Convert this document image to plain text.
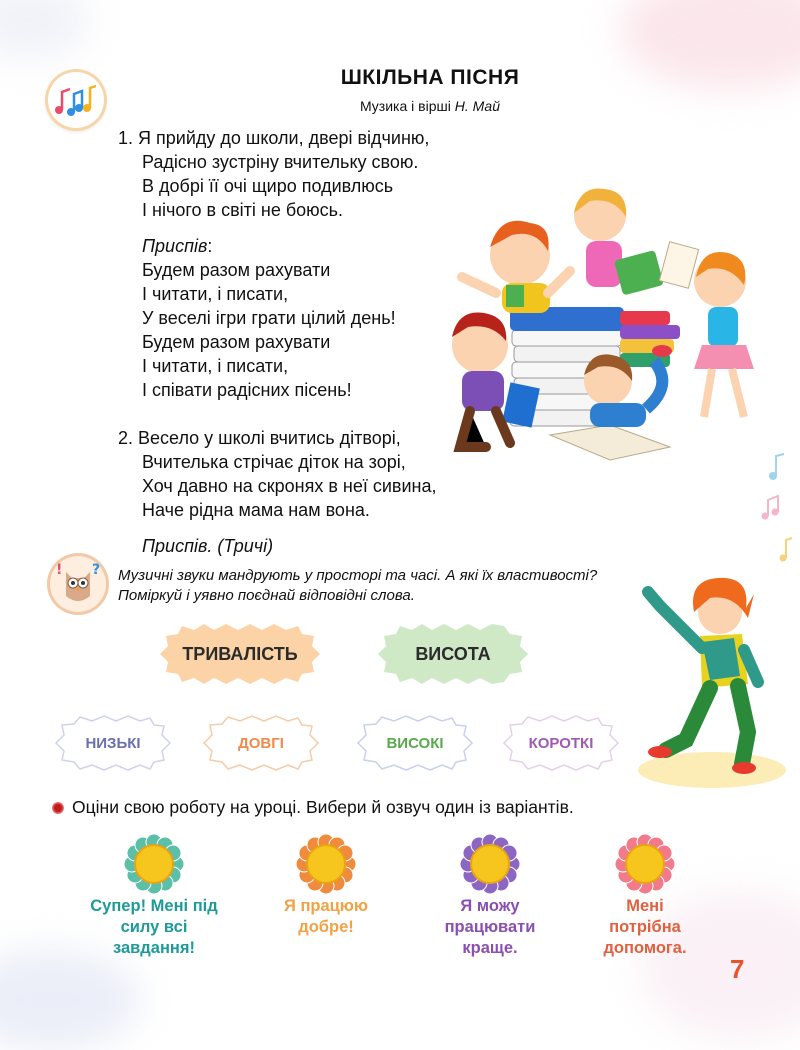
ШКІЛЬНА ПІСНЯ
Музика і вірші Н. Май
1. Я прийду до школи, двері відчиню,
Радісно зустріну вчительку свою.
В добрі її очі щиро подивлюсь
І нічого в світі не боюсь.
Приспів:
Будем разом рахувати
І читати, і писати,
У веселі ігри грати цілий день!
Будем разом рахувати
І читати, і писати,
І співати радісних пісень!
2. Весело у школі вчитись дітворі,
Вчителька стрічає діток на зорі,
Хоч давно на скронях в неї сивина,
Наче рідна мама нам вона.
Приспів. (Тричі)
! ? Музичні звуки мандрують у просторі та часі. А які їх властивості?
Поміркуй і уявно поєднай відповідні слова.
ТРИВАЛІСТЬ	ВИСОТА
НИЗЬКІ	ДОВГІ	ВИСОКІ	КОРОТКІ
Оціни свою роботу на уроці. Вибери й озвуч один із варіантів.
Супер! Мені під
силу всі
завдання!
Я працюю
добре!
Я можу
працювати
краще.
Мені
потрібна
допомога.
7
